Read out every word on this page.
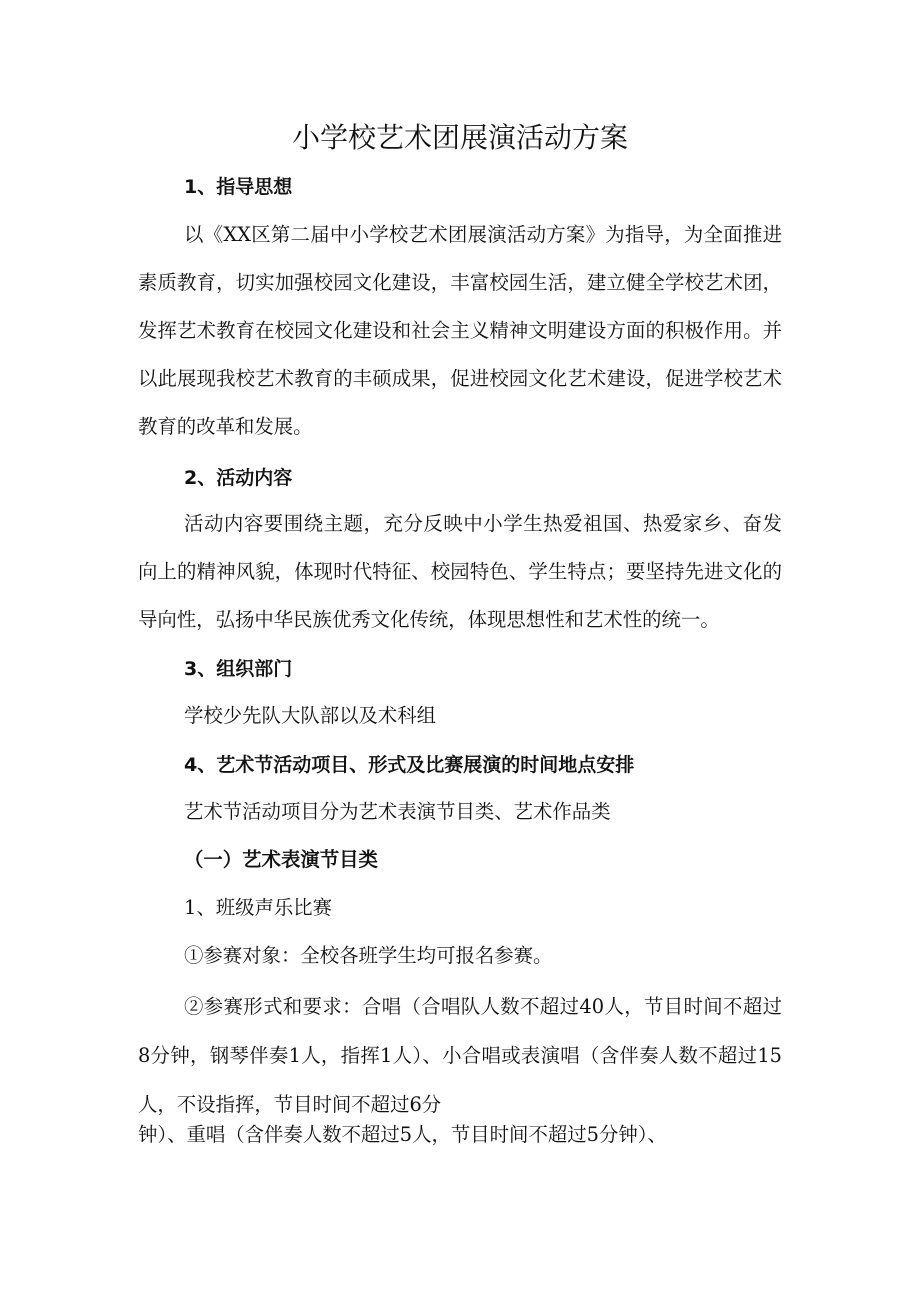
小学校艺术团展演活动方案
1、指导思想

以《XX区第二届中小学校艺术团展演活动方案》为指导，为全面推进素质教育，切实加强校园文化建设，丰富校园生活，建立健全学校艺术团，发挥艺术教育在校园文化建设和社会主义精神文明建设方面的积极作用。并以此展现我校艺术教育的丰硕成果，促进校园文化艺术建设，促进学校艺术教育的改革和发展。

2、活动内容

活动内容要围绕主题，充分反映中小学生热爱祖国、热爱家乡、奋发向上的精神风貌，体现时代特征、校园特色、学生特点；要坚持先进文化的导向性，弘扬中华民族优秀文化传统，体现思想性和艺术性的统一。

3、组织部门

学校少先队大队部以及术科组

4、艺术节活动项目、形式及比赛展演的时间地点安排

艺术节活动项目分为艺术表演节目类、艺术作品类

（一）艺术表演节目类

1、班级声乐比赛

①参赛对象：全校各班学生均可报名参赛。

②参赛形式和要求：合唱（合唱队人数不超过40人，节目时间不超过8分钟，钢琴伴奏1人，指挥1人）、小合唱或表演唱（含伴奏人数不超过15人，不设指挥，节目时间不超过6分

钟）、重唱（含伴奏人数不超过5人，节目时间不超过5分钟）、
